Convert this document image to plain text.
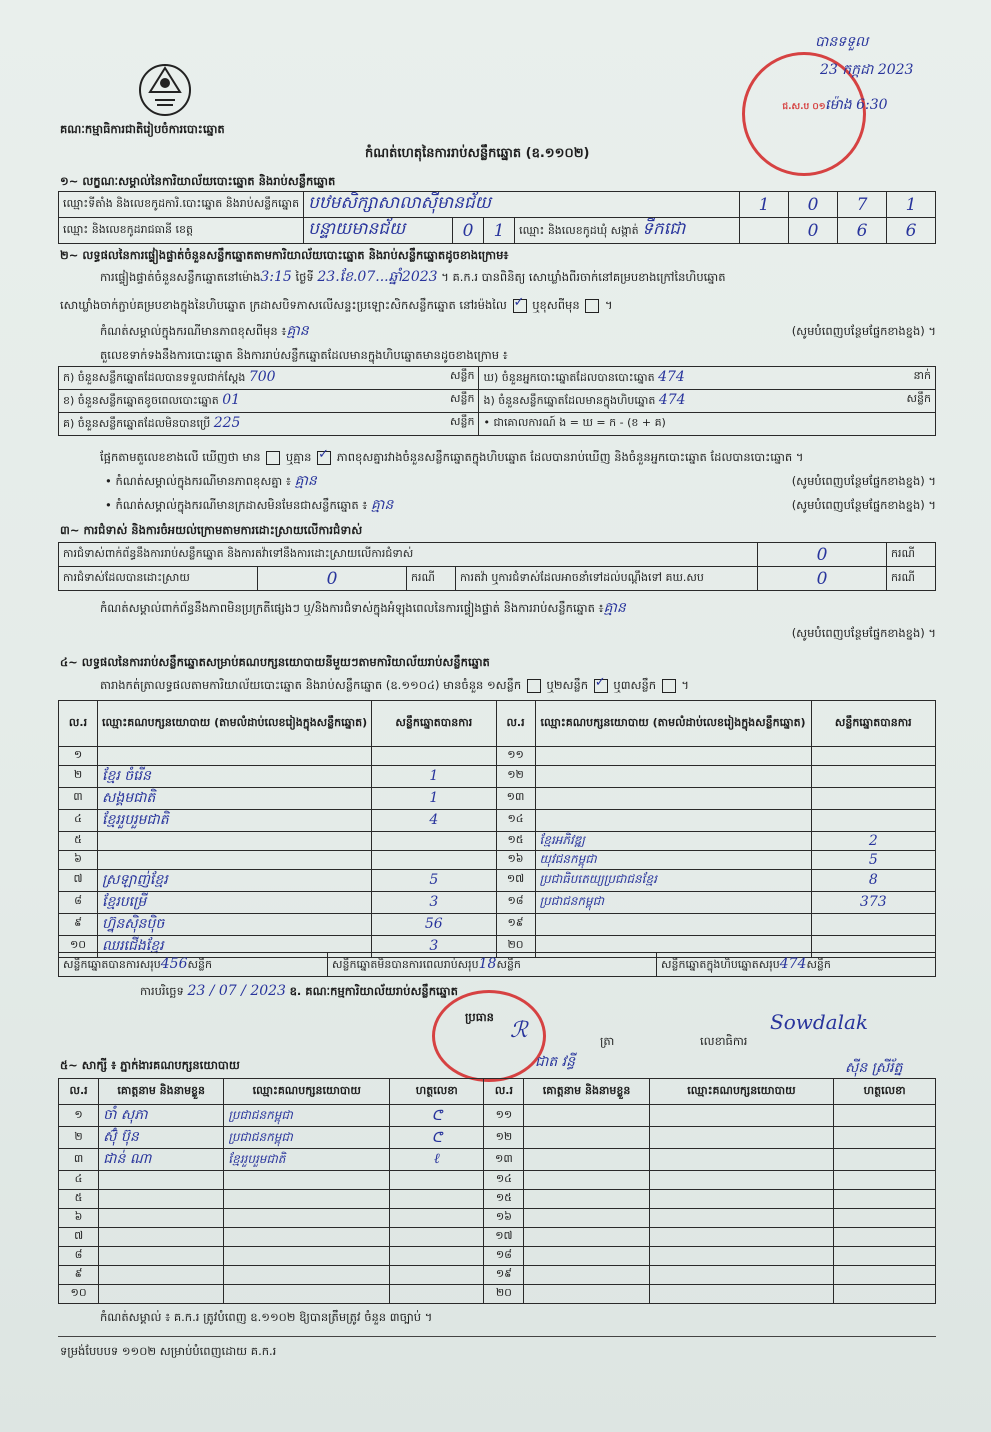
គណៈកម្មាធិការជាតិរៀបចំការបោះឆ្នោត
កំណត់ហេតុនៃការរាប់សន្លឹកឆ្នោត (ឧ.១១០២)
ជ.ស.ប ០១
បានទទួល
23 កក្កដា 2023
ម៉ោង 6:30
១~ លក្ខណៈសម្គាល់នៃការិយាល័យបោះឆ្នោត និងរាប់សន្លឹកឆ្នោត
ឈ្មោះទីតាំង និងលេខកូដការិ.បោះឆ្នោត និងរាប់សន្លឹកឆ្នោត	បឋមសិក្សាសាលាស៊ីមានជ័យ				1	0	7	1
ឈ្មោះ និងលេខកូដរាជធានី ខេត្ត	បន្ទាយមានជ័យ	0	1	ឈ្មោះ និងលេខកូដឃុំ សង្កាត់ ទឹកជោ		0	6	6
២~ លទ្ធផលនៃការផ្ទៀងផ្ទាត់ចំនួនសន្លឹកឆ្នោតតាមការិយាល័យបោះឆ្នោត និងរាប់សន្លឹកឆ្នោតដូចខាងក្រោម៖
ការផ្ទៀងផ្ទាត់ចំនួនសន្លឹកឆ្នោតនៅម៉ោង3:15 ថ្ងៃទី 23.ខែ.07...ឆ្នាំ2023 ។ គ.ក.រ បានពិនិត្យ សោឃ្លាំងពីរចាក់នៅគម្របខាងក្រៅនៃហិបឆ្នោត
សោឃ្លាំងចាក់ភ្ជាប់គម្របខាងក្នុងនៃហិបឆ្នោត ក្រដាសបិទភាសលើសន្ទះប្រឡោះសិកសន្លឹកឆ្នោត នៅរម៉ងលៃ ✓ ឬខុសពីមុន  ។
កំណត់សម្គាល់ក្នុងករណីមានភាពខុសពីមុន ៖គ្មាន	(សូមបំពេញបន្ថែមផ្នែកខាងខ្នង) ។
តួលេខទាក់ទងនឹងការបោះឆ្នោត និងការរាប់សន្លឹកឆ្នោតដែលមានក្នុងហិបឆ្នោតមានដូចខាងក្រោម ៖
ក) ចំនួនសន្លឹកឆ្នោតដែលបានទទួលជាក់ស្តែង 700 សន្លឹក	ឃ) ចំនួនអ្នកបោះឆ្នោតដែលបានបោះឆ្នោត 474 នាក់

ខ) ចំនួនសន្លឹកឆ្នោតខូចពេលបោះឆ្នោត 01 សន្លឹក	ង) ចំនួនសន្លឹកឆ្នោតដែលមានក្នុងហិបឆ្នោត 474 សន្លឹក

គ) ចំនួនសន្លឹកឆ្នោតដែលមិនបានប្រើ 225 សន្លឹក	• ជាគោលការណ៍ ង = ឃ = ក - (ខ + គ)
ផ្អែកតាមតួលេខខាងលើ ឃើញថា មាន ឬគ្មាន ✓ ភាពខុសគ្នារវាងចំនួនសន្លឹកឆ្នោតក្នុងហិបឆ្នោត ដែលបានរាប់ឃើញ និងចំនួនអ្នកបោះឆ្នោត ដែលបានបោះឆ្នោត ។
• កំណត់សម្គាល់ក្នុងករណីមានភាពខុសគ្នា ៖ គ្មាន	(សូមបំពេញបន្ថែមផ្នែកខាងខ្នង) ។
• កំណត់សម្គាល់ក្នុងករណីមានក្រដាសមិនមែនជាសន្លឹកឆ្នោត ៖ គ្មាន	(សូមបំពេញបន្ថែមផ្នែកខាងខ្នង) ។
៣~ ការជំទាស់ និងការចំអយល់ក្រោមតាមការដោះស្រាយលើការជំទាស់
ការជំទាស់ពាក់ព័ន្ធនឹងការរាប់សន្លឹកឆ្នោត និងការតវ៉ាទៅនឹងការដោះស្រាយលើការជំទាស់				0	ករណី
ការជំទាស់ដែលបានដោះស្រាយ	0	ករណី	ការតវ៉ា ឬការជំទាស់ដែលអាចនាំទៅដល់បណ្តឹងទៅ គឃ.សប	0	ករណី
កំណត់សម្គាល់ពាក់ព័ន្ធនឹងភាពមិនប្រក្រតីផ្សេងៗ ឬ/និងការជំទាស់ក្នុងអំឡុងពេលនៃការផ្ទៀងផ្ទាត់ និងការរាប់សន្លឹកឆ្នោត ៖គ្មាន
(សូមបំពេញបន្ថែមផ្នែកខាងខ្នង) ។
៤~ លទ្ធផលនៃការរាប់សន្លឹកឆ្នោតសម្រាប់គណបក្សនយោបាយនីមួយៗតាមការិយាល័យរាប់សន្លឹកឆ្នោត
តារាងកត់ត្រាលទ្ធផលតាមការិយាល័យបោះឆ្នោត និងរាប់សន្លឹកឆ្នោត (ឧ.១១០៤) មានចំនួន ១សន្លឹក ឬ២សន្លឹក ✓ ឬ៣សន្លឹក  ។
ល.រ	ឈ្មោះគណបក្សនយោបាយ (តាមលំដាប់លេខរៀងក្នុងសន្លឹកឆ្នោត)	សន្លឹកឆ្នោតបានការ	ល.រ	ឈ្មោះគណបក្សនយោបាយ (តាមលំដាប់លេខរៀងក្នុងសន្លឹកឆ្នោត)	សន្លឹកឆ្នោតបានការ
១			១១		
២	ខ្មែរ ចំរើន	1	១២		
៣	សង្គមជាតិ	1	១៣		
៤	ខ្មែររួបរួមជាតិ	4	១៤		
៥			១៥	ខ្មែរអភិវឌ្ឍ	2
៦			១៦	យុវជនកម្ពុជា	5
៧	ស្រឡាញ់ខ្មែរ	5	១៧	ប្រជាធិបតេយ្យប្រជាជនខ្មែរ	8
៨	ខ្មែរបម្រើ	3	១៨	ប្រជាជនកម្ពុជា	373
៩	ហ្វ៊ុនស៊ិនប៉ិច	56	១៩		
១០	ឈរជើងខ្មែរ	3	២០		
សន្លឹកឆ្នោតបានការសរុប456សន្លឹក	សន្លឹកឆ្នោតមិនបានការពេលរាប់សរុប18សន្លឹក	សន្លឹកឆ្នោតក្នុងហិបឆ្នោតសរុប474សន្លឹក
ការបរិច្ឆេទ 23 / 07 / 2023 ឧ. គណៈកម្មការិយាល័យរាប់សន្លឹកឆ្នោត
ប្រធាន
ℛ	ត្រា
ជាត វន្ធី
លេខាធិការ
Sowdalak
ស៊ីន ស្រីរ័ត្ន
៥~ សាក្សី ៖ ភ្នាក់ងារគណបក្សនយោបាយ
ល.រ	គោត្តនាម និងនាមខ្លួន	ឈ្មោះគណបក្សនយោបាយ	ហត្ថលេខា	ល.រ	គោត្តនាម និងនាមខ្លួន	ឈ្មោះគណបក្សនយោបាយ	ហត្ថលេខា
១	ចាំ សុភា	ប្រជាជនកម្ពុជា	ᕦ	១១			
២	ស៊ុំ ប៊ុន	ប្រជាជនកម្ពុជា	ᕦ	១២			
៣	ជាន់ ណា	ខ្មែររួបរួមជាតិ	ℓ	១៣			
៤				១៤			
៥				១៥			
៦				១៦			
៧				១៧			
៨				១៨			
៩				១៩			
១០				២០			
កំណត់សម្គាល់ ៖ គ.ក.រ ត្រូវបំពេញ ឧ.១១០២ ឱ្យបានត្រឹមត្រូវ ចំនួន ៣ច្បាប់ ។
ទម្រង់បែបបទ ១១០២ សម្រាប់បំពេញដោយ គ.ក.រ
